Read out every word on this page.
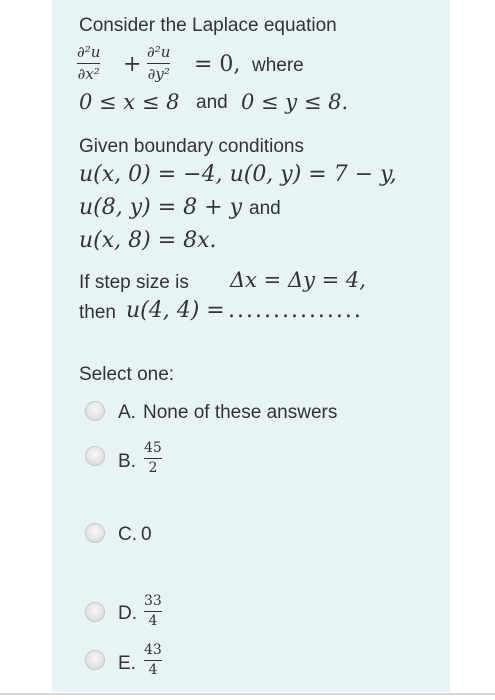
Consider the Laplace equation
∂²u
∂x² + ∂²u
∂y² = 0, where
0 ≤ x ≤ 8 and 0 ≤ y ≤ 8.
Given boundary conditions
u(x, 0) = −4, u(0, y) = 7 − y,
u(8, y) = 8 + y and
u(x, 8) = 8x.
If step size is Δx = Δy = 4,
then u(4, 4) = ...............
Select one:
A. None of these answers
B.
45
2
C. 0
D.
33
4
E.
43
4
